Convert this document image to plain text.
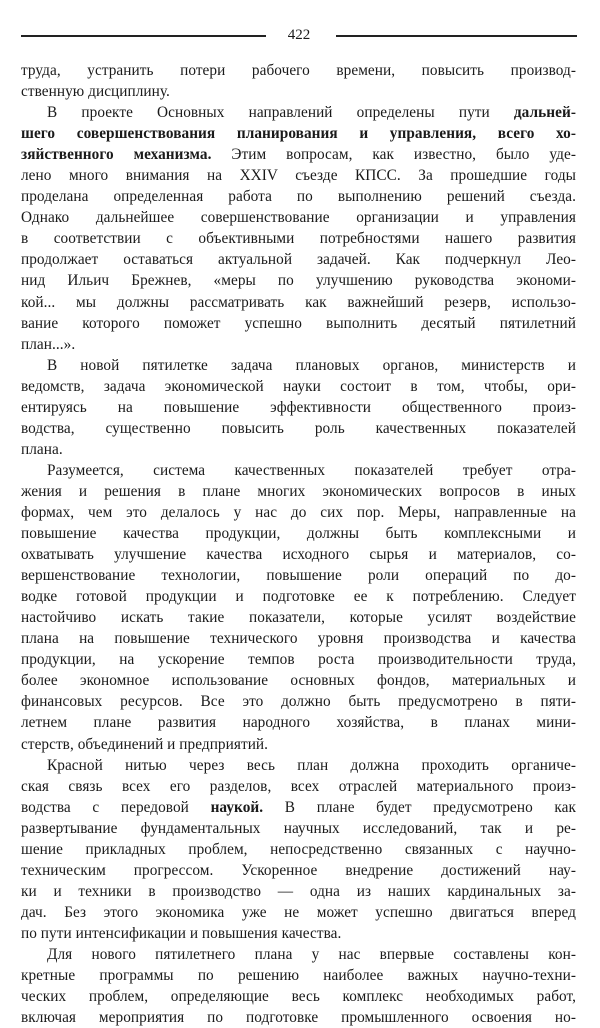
422
труда, устранить потери рабочего времени, повысить производ-
ственную дисциплину.
В проекте Основных направлений определены пути дальней-
шего совершенствования планирования и управления, всего хо-
зяйственного механизма. Этим вопросам, как известно, было уде-
лено много внимания на XXIV съезде КПСС. За прошедшие годы
проделана определенная работа по выполнению решений съезда.
Однако дальнейшее совершенствование организации и управления
в соответствии с объективными потребностями нашего развития
продолжает оставаться актуальной задачей. Как подчеркнул Лео-
нид Ильич Брежнев, «меры по улучшению руководства экономи-
кой... мы должны рассматривать как важнейший резерв, использо-
вание которого поможет успешно выполнить десятый пятилетний
план...».
В новой пятилетке задача плановых органов, министерств и
ведомств, задача экономической науки состоит в том, чтобы, ори-
ентируясь на повышение эффективности общественного произ-
водства, существенно повысить роль качественных показателей
плана.
Разумеется, система качественных показателей требует отра-
жения и решения в плане многих экономических вопросов в иных
формах, чем это делалось у нас до сих пор. Меры, направленные на
повышение качества продукции, должны быть комплексными и
охватывать улучшение качества исходного сырья и материалов, со-
вершенствование технологии, повышение роли операций по до-
водке готовой продукции и подготовке ее к потреблению. Следует
настойчиво искать такие показатели, которые усилят воздействие
плана на повышение технического уровня производства и качества
продукции, на ускорение темпов роста производительности труда,
более экономное использование основных фондов, материальных и
финансовых ресурсов. Все это должно быть предусмотрено в пяти-
летнем плане развития народного хозяйства, в планах мини-
стерств, объединений и предприятий.
Красной нитью через весь план должна проходить органиче-
ская связь всех его разделов, всех отраслей материального произ-
водства с передовой наукой. В плане будет предусмотрено как
развертывание фундаментальных научных исследований, так и ре-
шение прикладных проблем, непосредственно связанных с научно-
техническим прогрессом. Ускоренное внедрение достижений нау-
ки и техники в производство — одна из наших кардинальных за-
дач. Без этого экономика уже не может успешно двигаться вперед
по пути интенсификации и повышения качества.
Для нового пятилетнего плана у нас впервые составлены кон-
кретные программы по решению наиболее важных научно-техни-
ческих проблем, определяющие весь комплекс необходимых работ,
включая мероприятия по подготовке промышленного освоения но-
